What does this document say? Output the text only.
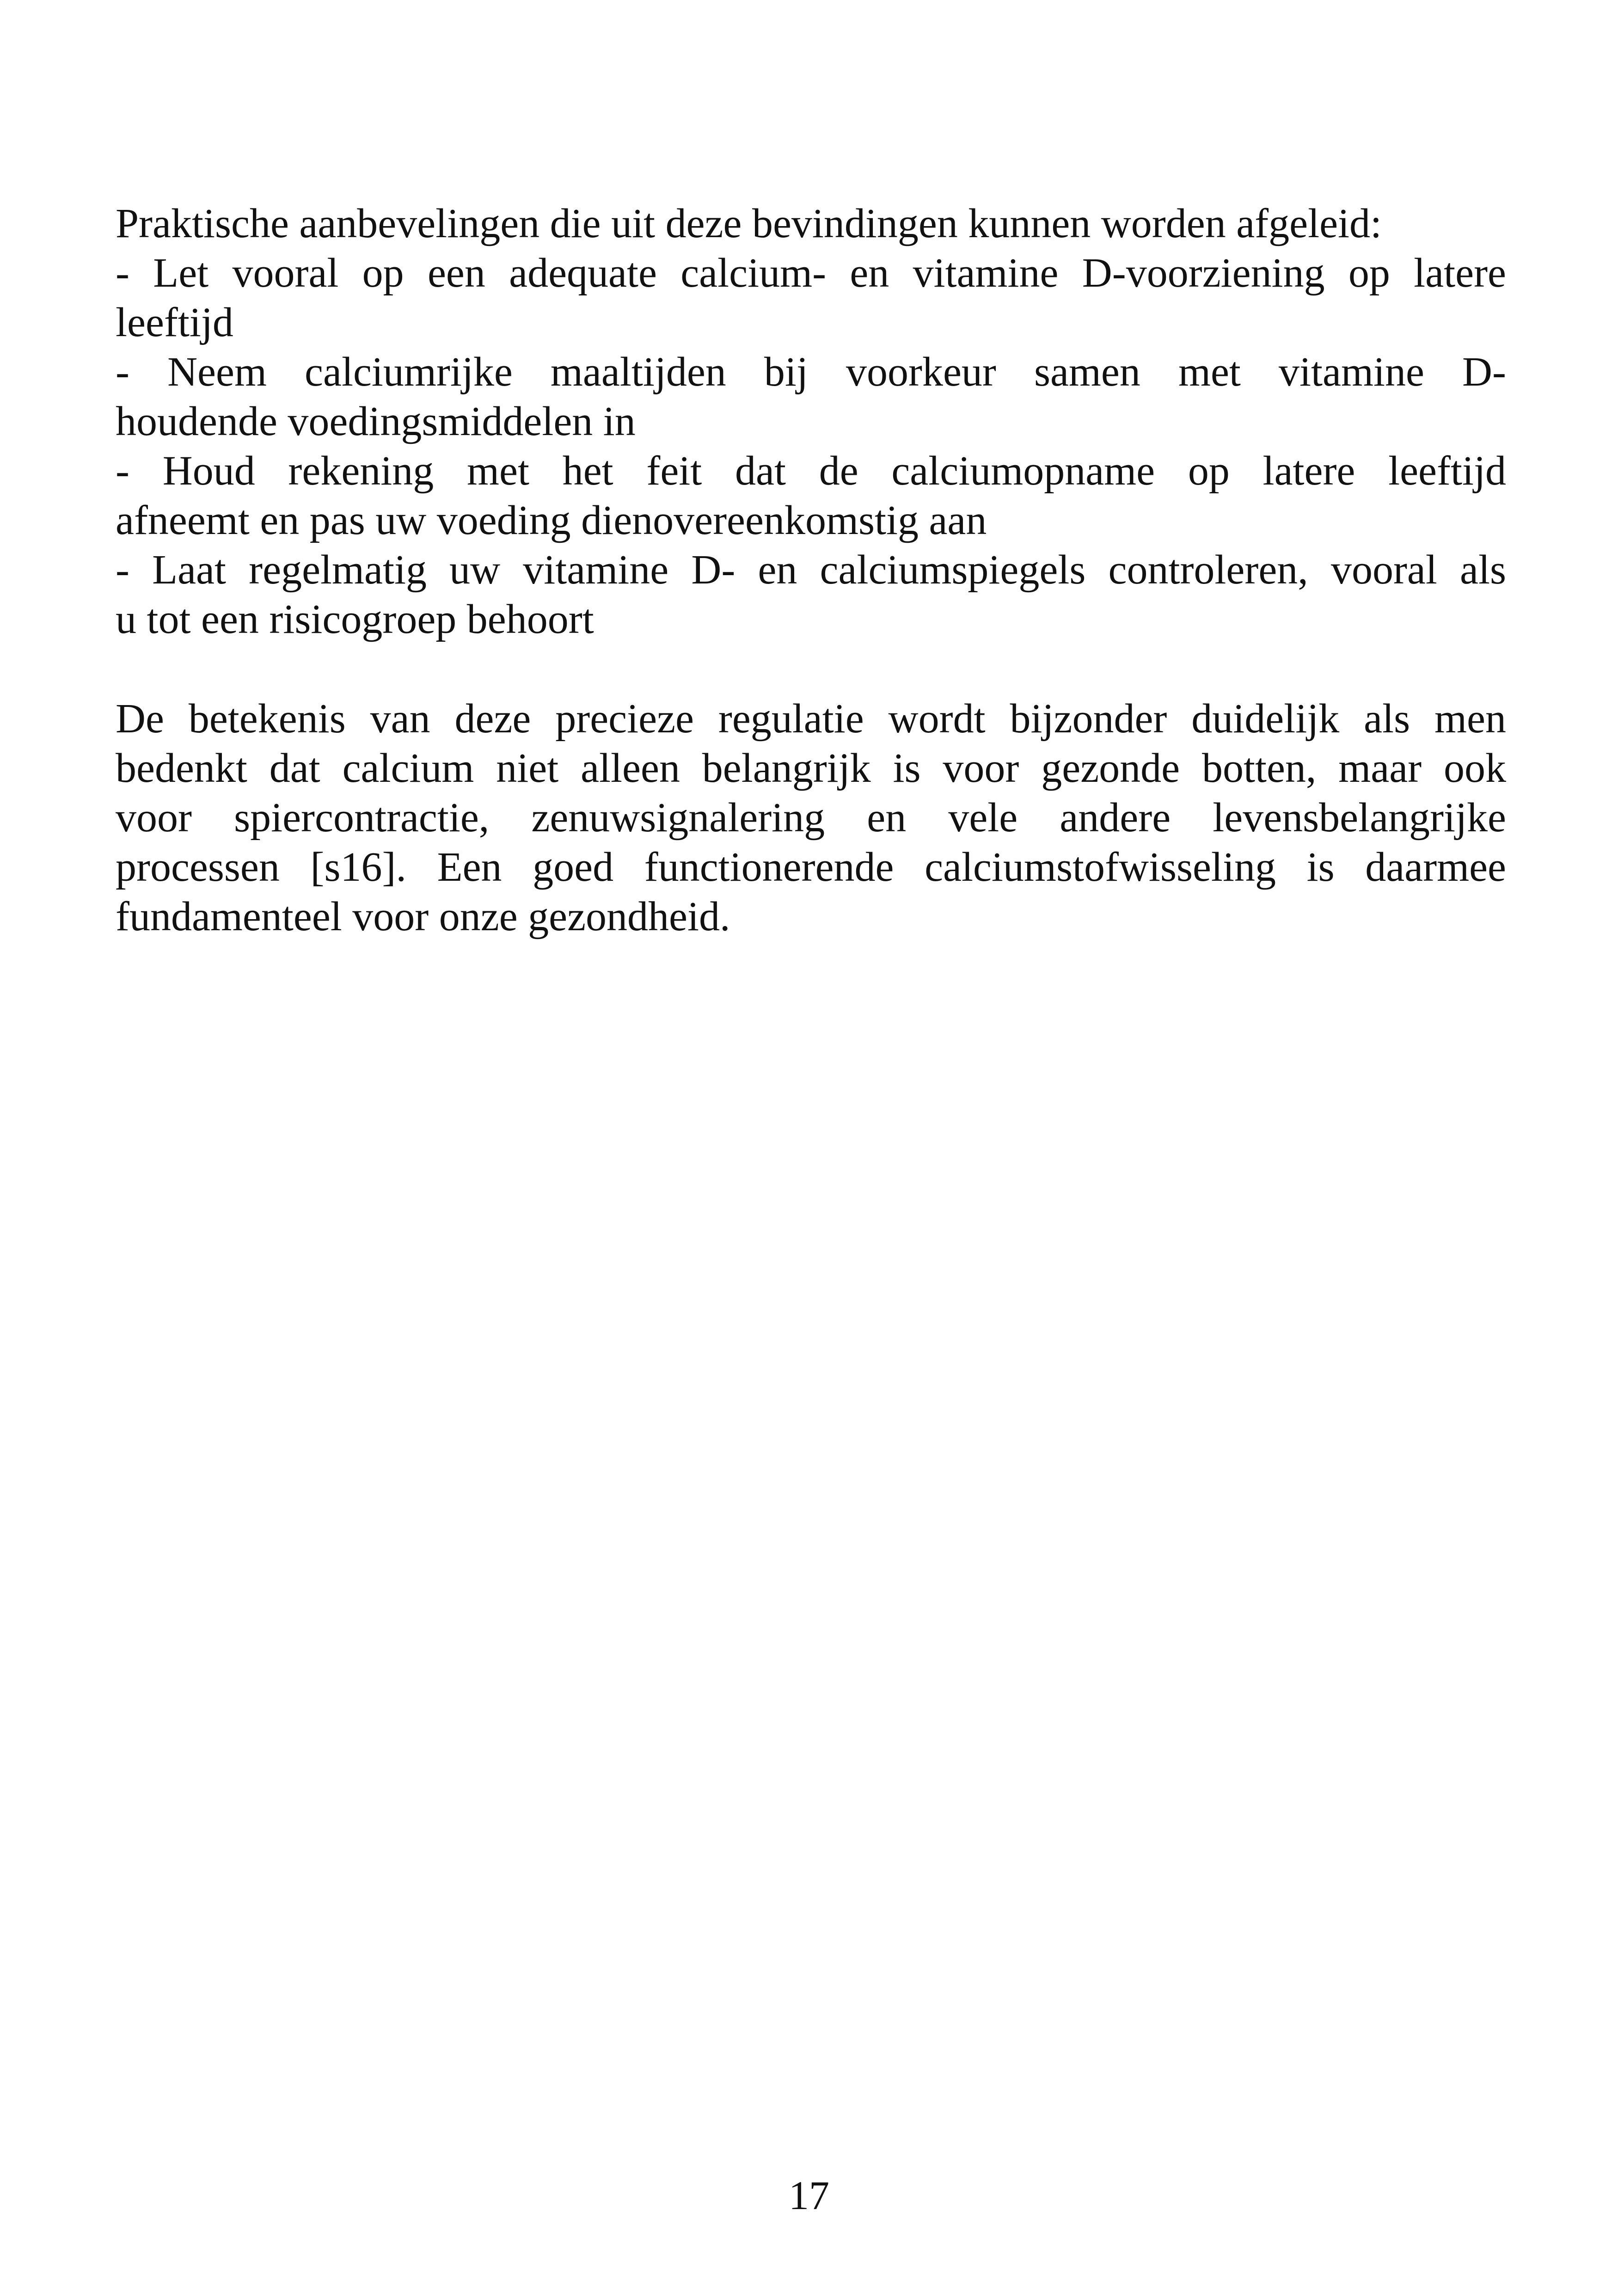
Praktische aanbevelingen die uit deze bevindingen kunnen worden afgeleid:
- Let vooral op een adequate calcium- en vitamine D-voorziening op latere
leeftijd
- Neem calciumrijke maaltijden bij voorkeur samen met vitamine D-
houdende voedingsmiddelen in
- Houd rekening met het feit dat de calciumopname op latere leeftijd
afneemt en pas uw voeding dienovereenkomstig aan
- Laat regelmatig uw vitamine D- en calciumspiegels controleren, vooral als
u tot een risicogroep behoort
De betekenis van deze precieze regulatie wordt bijzonder duidelijk als men
bedenkt dat calcium niet alleen belangrijk is voor gezonde botten, maar ook
voor spiercontractie, zenuwsignalering en vele andere levensbelangrijke
processen [s16]. Een goed functionerende calciumstofwisseling is daarmee
fundamenteel voor onze gezondheid.
17
